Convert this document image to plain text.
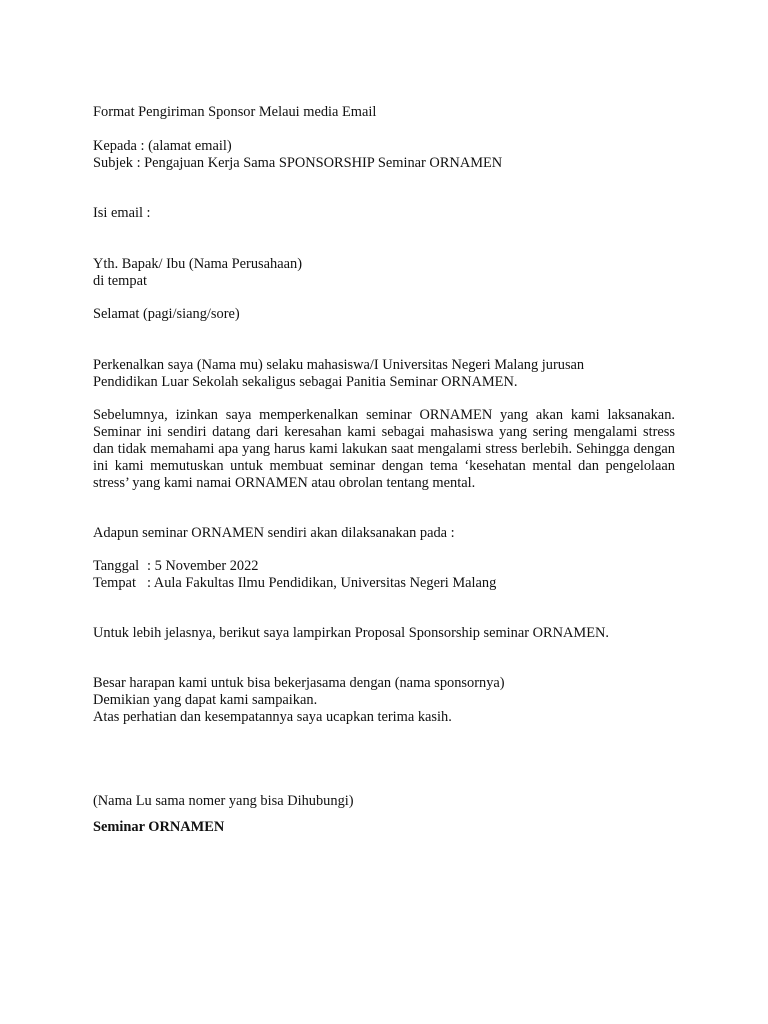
Format Pengiriman Sponsor Melaui media Email
Kepada : (alamat email)
Subjek : Pengajuan Kerja Sama SPONSORSHIP Seminar ORNAMEN
Isi email :
Yth. Bapak/ Ibu (Nama Perusahaan)
di tempat
Selamat (pagi/siang/sore)
Perkenalkan saya (Nama mu) selaku mahasiswa/I Universitas Negeri Malang jurusan
Pendidikan Luar Sekolah sekaligus sebagai Panitia Seminar ORNAMEN.
Sebelumnya, izinkan saya memperkenalkan seminar ORNAMEN yang akan kami laksanakan. Seminar ini sendiri datang dari keresahan kami sebagai mahasiswa yang sering mengalami stress dan tidak memahami apa yang harus kami lakukan saat mengalami stress berlebih. Sehingga dengan ini kami memutuskan untuk membuat seminar dengan tema ‘kesehatan mental dan pengelolaan stress’ yang kami namai ORNAMEN atau obrolan tentang mental.
Adapun seminar ORNAMEN sendiri akan dilaksanakan pada :
Tanggal : 5 November 2022
Tempat : Aula Fakultas Ilmu Pendidikan, Universitas Negeri Malang
Untuk lebih jelasnya, berikut saya lampirkan Proposal Sponsorship seminar ORNAMEN.
Besar harapan kami untuk bisa bekerjasama dengan (nama sponsornya)
Demikian yang dapat kami sampaikan.
Atas perhatian dan kesempatannya saya ucapkan terima kasih.
(Nama Lu sama nomer yang bisa Dihubungi)
Seminar ORNAMEN
